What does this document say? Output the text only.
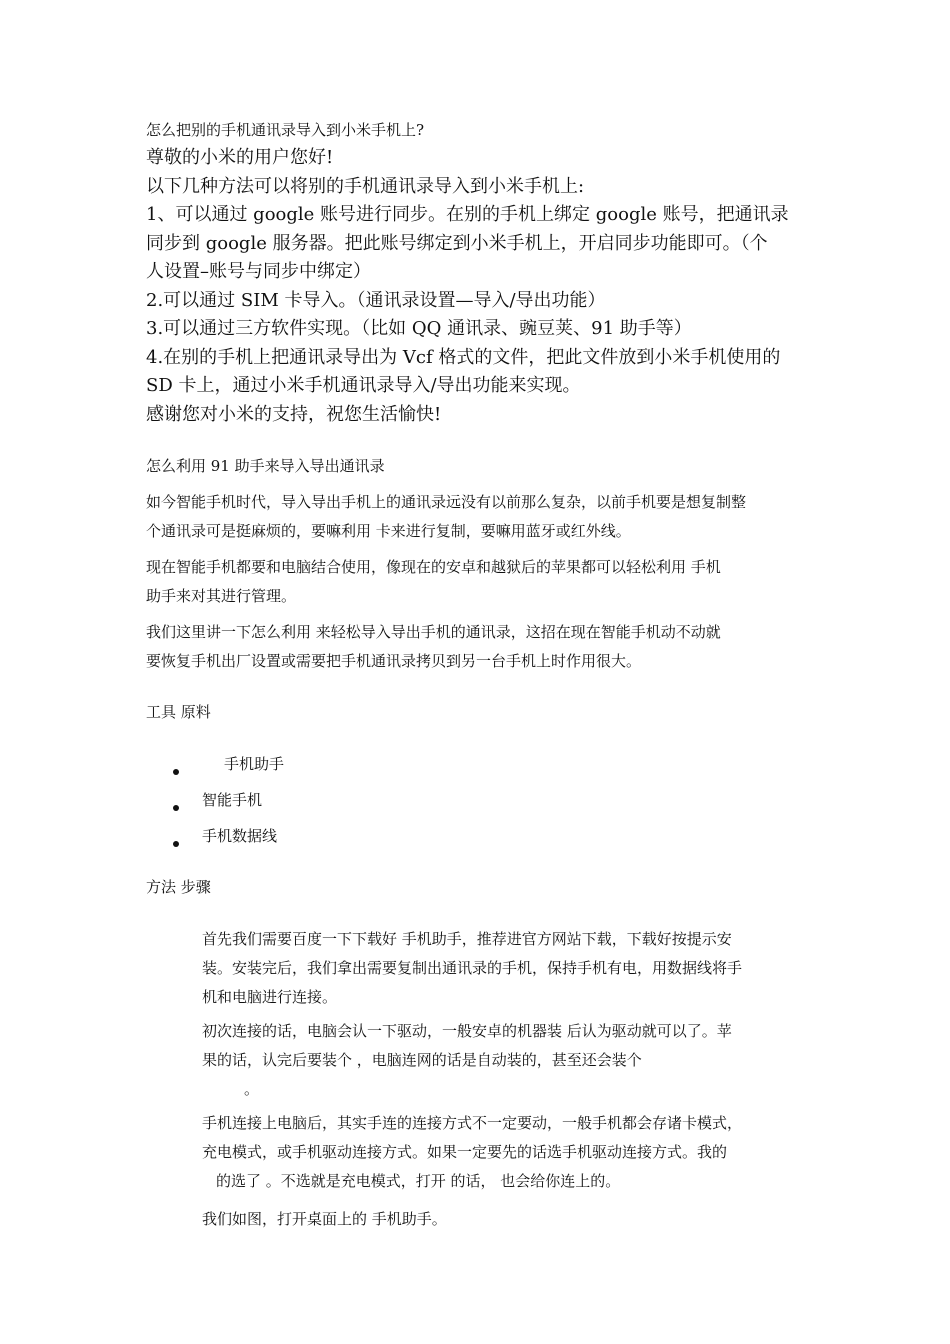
怎么把别的手机通讯录导入到小米手机上?
尊敬的小米的用户您好!
以下几种方法可以将别的手机通讯录导入到小米手机上:
1、可以通过 google 账号进行同步。在别的手机上绑定 google 账号，把通讯录
同步到 google 服务器。把此账号绑定到小米手机上，开启同步功能即可。（个
人设置–账号与同步中绑定）
2.可以通过 SIM 卡导入。（通讯录设置—导入/导出功能）
3.可以通过三方软件实现。（比如 QQ 通讯录、豌豆荚、91 助手等）
4.在别的手机上把通讯录导出为 Vcf 格式的文件，把此文件放到小米手机使用的
SD 卡上，通过小米手机通讯录导入/导出功能来实现。
感谢您对小米的支持，祝您生活愉快!
怎么利用 91 助手来导入导出通讯录
如今智能手机时代，导入导出手机上的通讯录远没有以前那么复杂，以前手机要是想复制整
个通讯录可是挺麻烦的，要嘛利用 卡来进行复制，要嘛用蓝牙或红外线。
现在智能手机都要和电脑结合使用，像现在的安卓和越狱后的苹果都可以轻松利用 手机
助手来对其进行管理。
我们这里讲一下怎么利用 来轻松导入导出手机的通讯录，这招在现在智能手机动不动就
要恢复手机出厂设置或需要把手机通讯录拷贝到另一台手机上时作用很大。
工具 原料
手机助手
智能手机
手机数据线
方法 步骤
首先我们需要百度一下下载好 手机助手，推荐进官方网站下载，下载好按提示安
装。安装完后，我们拿出需要复制出通讯录的手机，保持手机有电，用数据线将手
机和电脑进行连接。
初次连接的话，电脑会认一下驱动，一般安卓的机器装 后认为驱动就可以了。苹
果的话，认完后要装个 ，电脑连网的话是自动装的，甚至还会装个
。
手机连接上电脑后，其实手连的连接方式不一定要动，一般手机都会存诸卡模式，
充电模式，或手机驱动连接方式。如果一定要先的话选手机驱动连接方式。我的
的选了 。不选就是充电模式，打开 的话， 也会给你连上的。
我们如图，打开桌面上的 手机助手。
